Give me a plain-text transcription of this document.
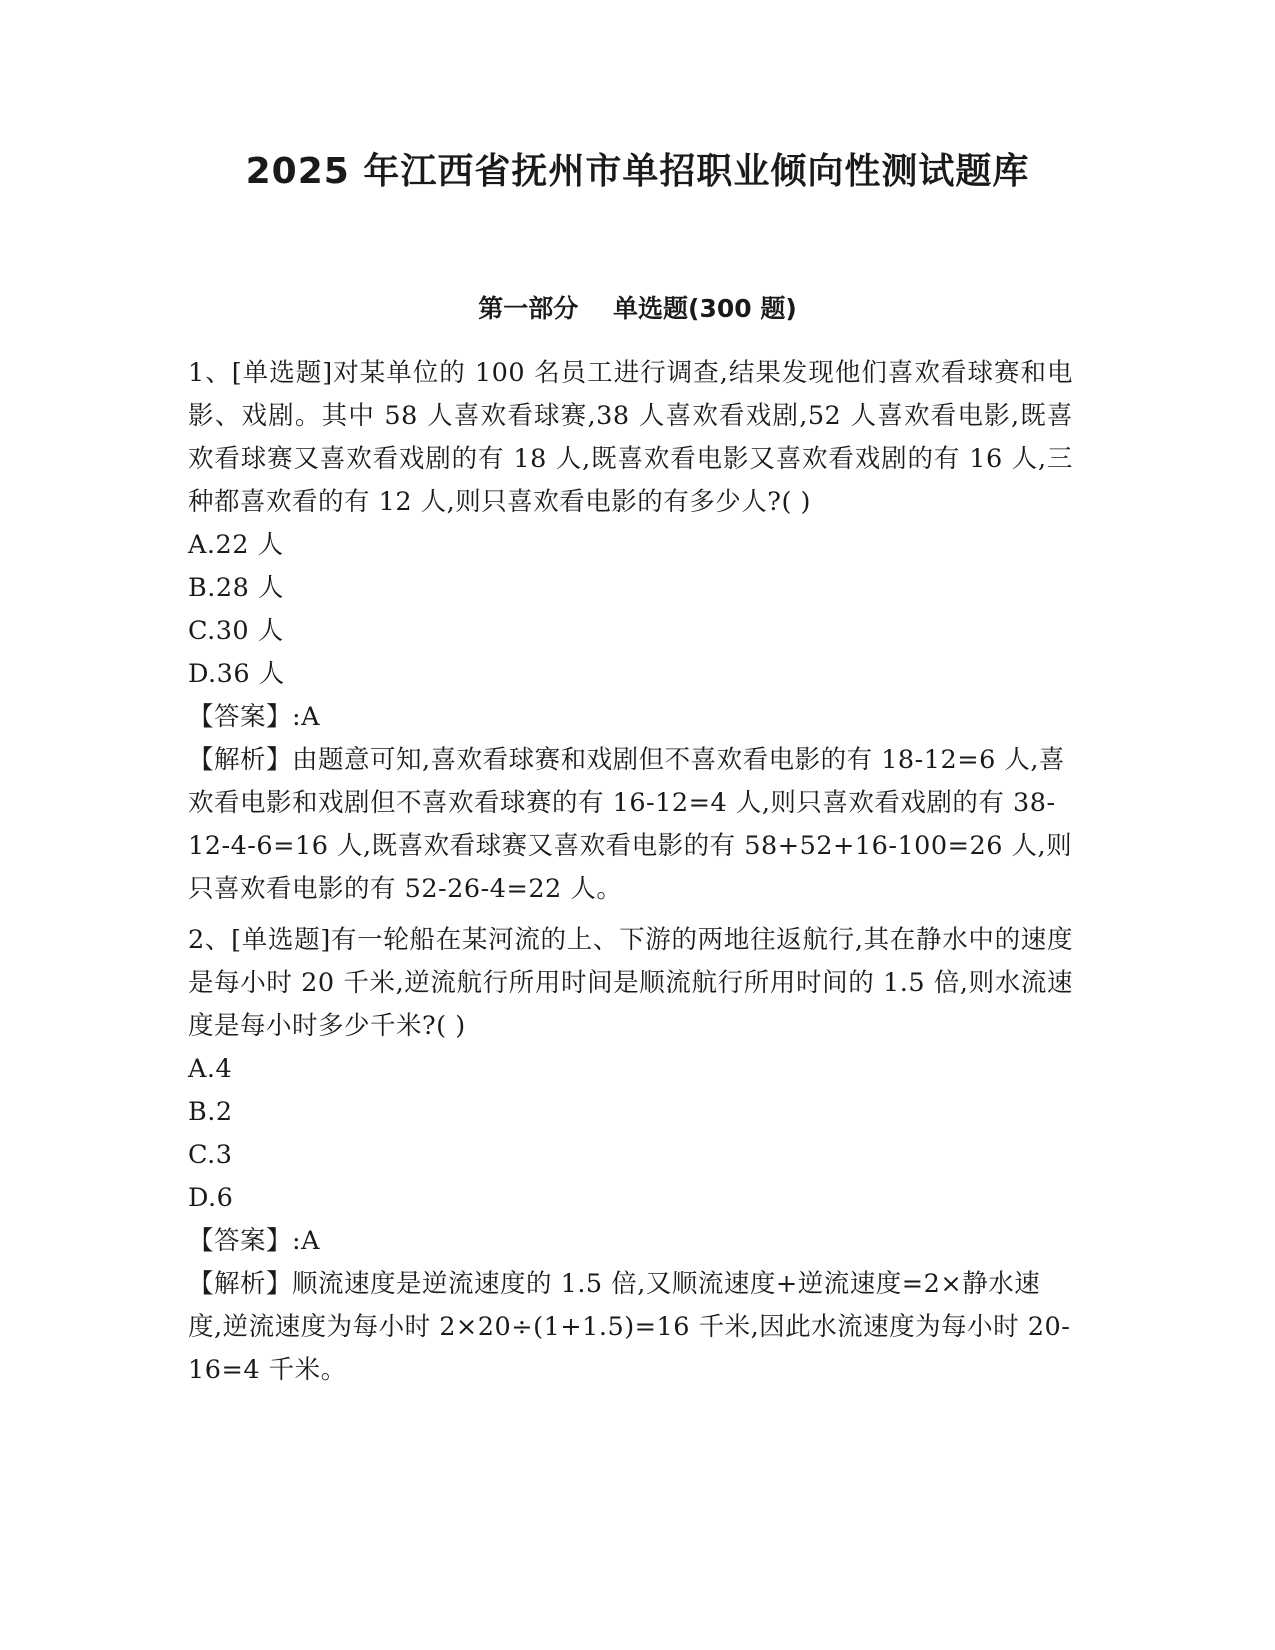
2025 年江西省抚州市单招职业倾向性测试题库
第一部分    单选题(300 题)

1、[单选题]对某单位的 100 名员工进行调查,结果发现他们喜欢看球赛和电影、戏剧。其中 58 人喜欢看球赛,38 人喜欢看戏剧,52 人喜欢看电影,既喜欢看球赛又喜欢看戏剧的有 18 人,既喜欢看电影又喜欢看戏剧的有 16 人,三种都喜欢看的有 12 人,则只喜欢看电影的有多少人?( )

A.22 人
B.28 人
C.30 人
D.36 人

【答案】:A

【解析】由题意可知,喜欢看球赛和戏剧但不喜欢看电影的有 18-12=6 人,喜欢看电影和戏剧但不喜欢看球赛的有 16-12=4 人,则只喜欢看戏剧的有 38-12-4-6=16 人,既喜欢看球赛又喜欢看电影的有 58+52+16-100=26 人,则只喜欢看电影的有 52-26-4=22 人。

2、[单选题]有一轮船在某河流的上、下游的两地往返航行,其在静水中的速度是每小时 20 千米,逆流航行所用时间是顺流航行所用时间的 1.5 倍,则水流速度是每小时多少千米?( )

A.4
B.2
C.3
D.6

【答案】:A

【解析】顺流速度是逆流速度的 1.5 倍,又顺流速度+逆流速度=2×静水速度,逆流速度为每小时 2×20÷(1+1.5)=16 千米,因此水流速度为每小时 20-16=4 千米。
